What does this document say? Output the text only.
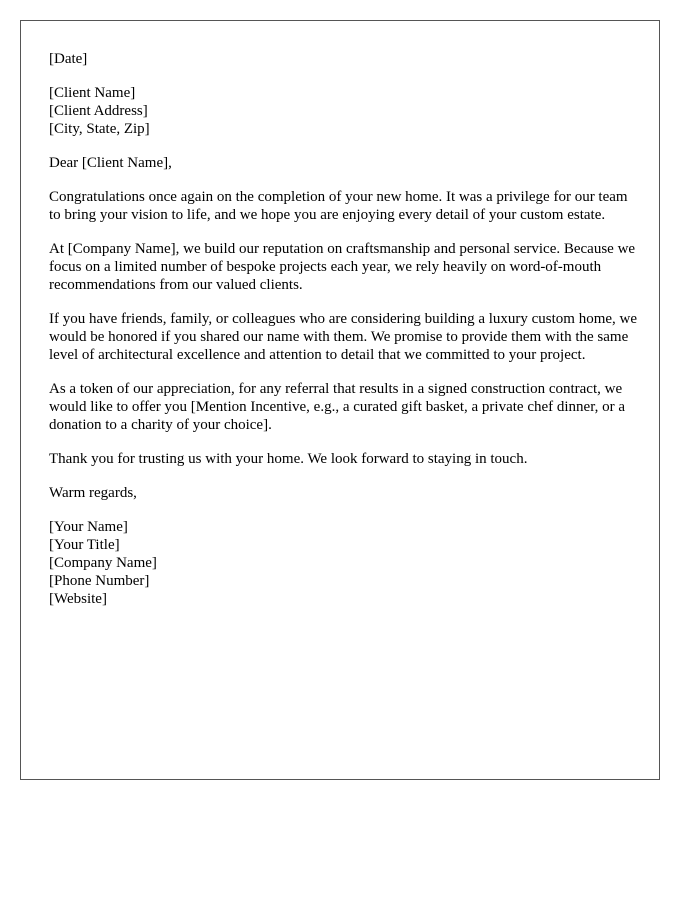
[Date]
[Client Name]
[Client Address]
[City, State, Zip]

Dear [Client Name],

Congratulations once again on the completion of your new home. It was a privilege for our team to bring your vision to life, and we hope you are enjoying every detail of your custom estate.

At [Company Name], we build our reputation on craftsmanship and personal service. Because we focus on a limited number of bespoke projects each year, we rely heavily on word-of-mouth recommendations from our valued clients.

If you have friends, family, or colleagues who are considering building a luxury custom home, we would be honored if you shared our name with them. We promise to provide them with the same level of architectural excellence and attention to detail that we committed to your project.

As a token of our appreciation, for any referral that results in a signed construction contract, we would like to offer you [Mention Incentive, e.g., a curated gift basket, a private chef dinner, or a donation to a charity of your choice].

Thank you for trusting us with your home. We look forward to staying in touch.

Warm regards,

[Your Name]
[Your Title]
[Company Name]
[Phone Number]
[Website]
